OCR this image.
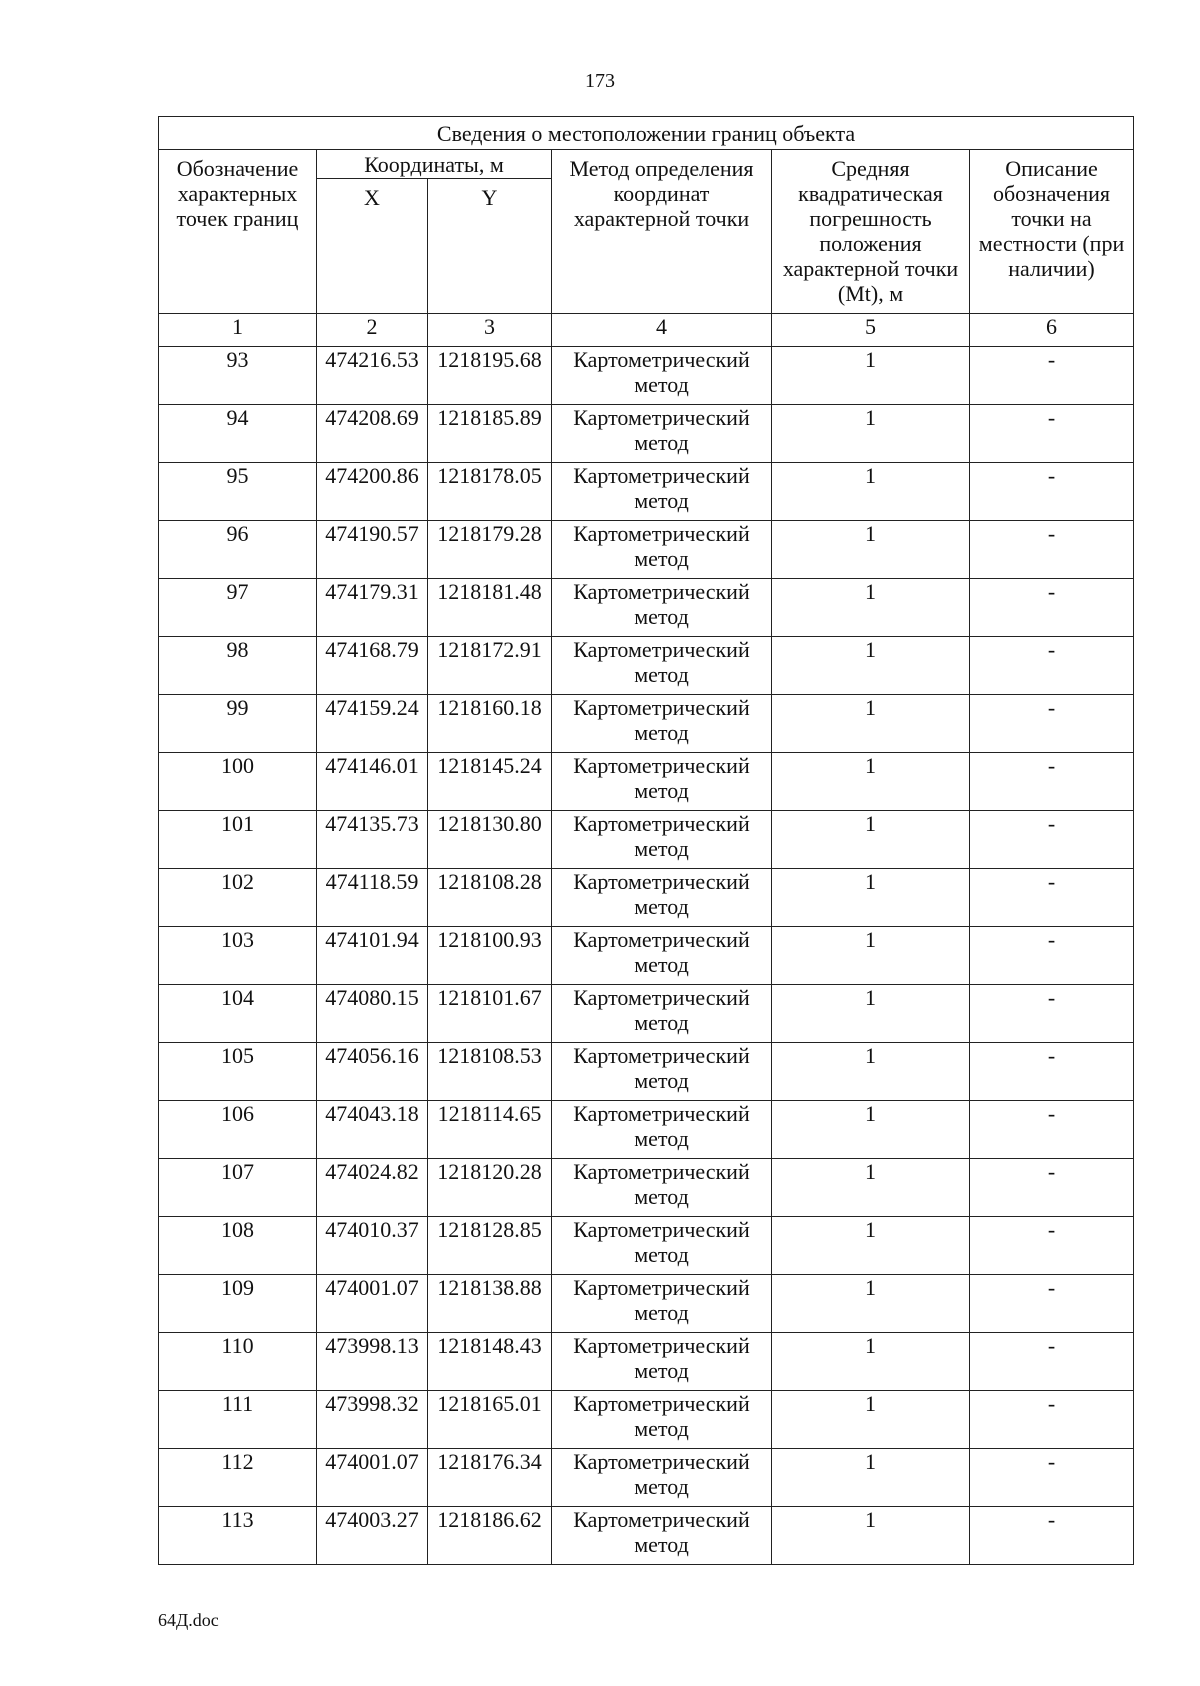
173
Сведения о местоположении границ объекта					
Обозначение характерных точек границ	Координаты, м		Метод определения координат характерной точки	Средняя квадратическая погрешность положения характерной точки (Mt), м	Описание обозначения точки на местности (при наличии)
	X	Y			
1	2	3	4	5	6
93	474216.53	1218195.68	Картометрический метод	1	-
94	474208.69	1218185.89	Картометрический метод	1	-
95	474200.86	1218178.05	Картометрический метод	1	-
96	474190.57	1218179.28	Картометрический метод	1	-
97	474179.31	1218181.48	Картометрический метод	1	-
98	474168.79	1218172.91	Картометрический метод	1	-
99	474159.24	1218160.18	Картометрический метод	1	-
100	474146.01	1218145.24	Картометрический метод	1	-
101	474135.73	1218130.80	Картометрический метод	1	-
102	474118.59	1218108.28	Картометрический метод	1	-
103	474101.94	1218100.93	Картометрический метод	1	-
104	474080.15	1218101.67	Картометрический метод	1	-
105	474056.16	1218108.53	Картометрический метод	1	-
106	474043.18	1218114.65	Картометрический метод	1	-
107	474024.82	1218120.28	Картометрический метод	1	-
108	474010.37	1218128.85	Картометрический метод	1	-
109	474001.07	1218138.88	Картометрический метод	1	-
110	473998.13	1218148.43	Картометрический метод	1	-
111	473998.32	1218165.01	Картометрический метод	1	-
112	474001.07	1218176.34	Картометрический метод	1	-
113	474003.27	1218186.62	Картометрический метод	1	-
64Д.doc
